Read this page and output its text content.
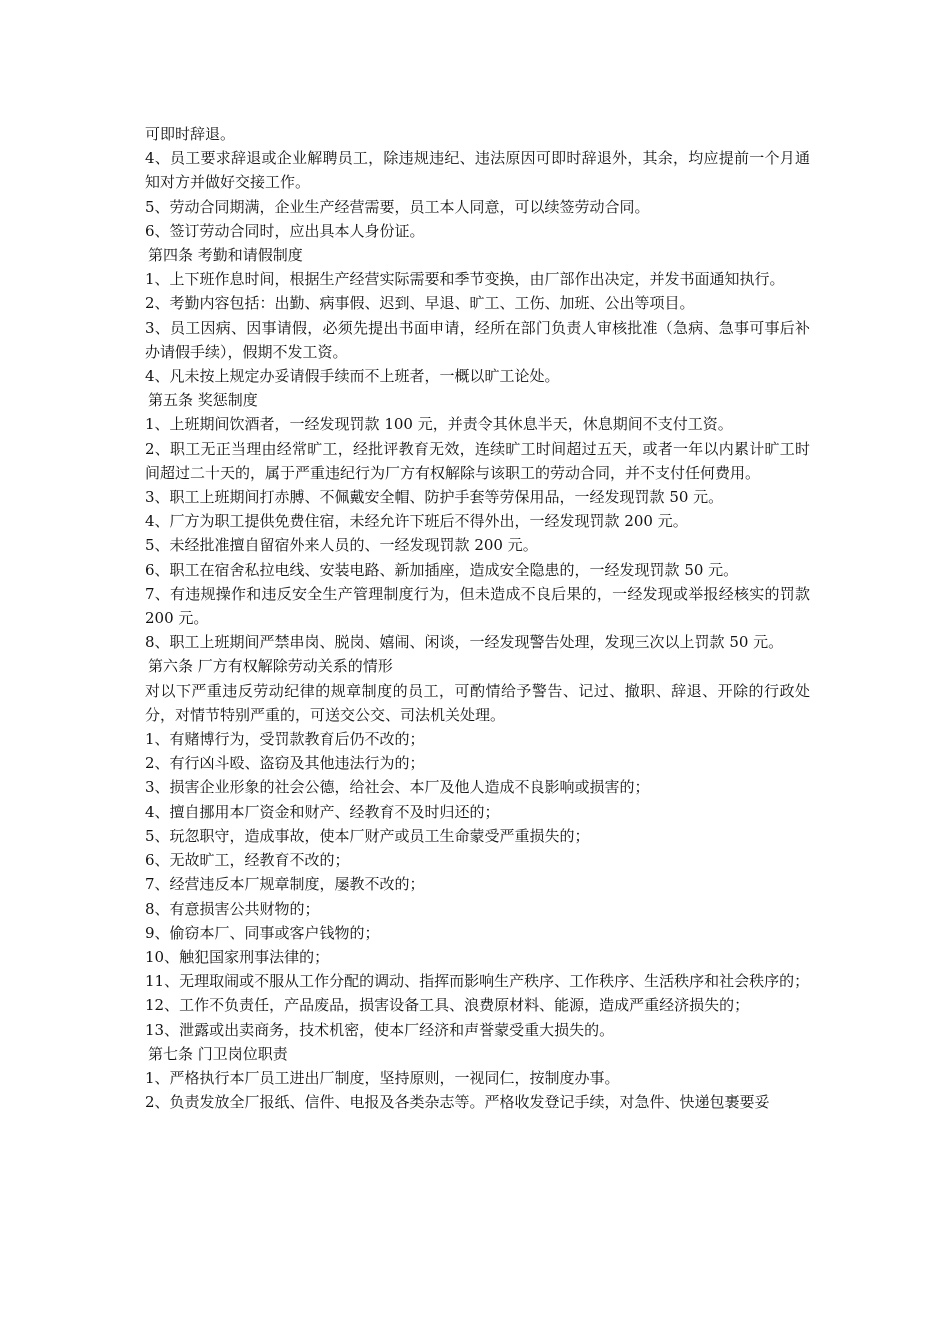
可即时辞退。

4、员工要求辞退或企业解聘员工，除违规违纪、违法原因可即时辞退外，其余，均应提前一个月通知对方并做好交接工作。

5、劳动合同期满，企业生产经营需要，员工本人同意，可以续签劳动合同。

6、签订劳动合同时，应出具本人身份证。

第四条 考勤和请假制度

1、上下班作息时间，根据生产经营实际需要和季节变换，由厂部作出决定，并发书面通知执行。

2、考勤内容包括：出勤、病事假、迟到、早退、旷工、工伤、加班、公出等项目。

3、员工因病、因事请假，必须先提出书面申请，经所在部门负责人审核批准（急病、急事可事后补办请假手续），假期不发工资。

4、凡未按上规定办妥请假手续而不上班者，一概以旷工论处。

第五条 奖惩制度

1、上班期间饮酒者，一经发现罚款 100 元，并责令其休息半天，休息期间不支付工资。

2、职工无正当理由经常旷工，经批评教育无效，连续旷工时间超过五天，或者一年以内累计旷工时间超过二十天的，属于严重违纪行为厂方有权解除与该职工的劳动合同，并不支付任何费用。

3、职工上班期间打赤膊、不佩戴安全帽、防护手套等劳保用品，一经发现罚款 50 元。

4、厂方为职工提供免费住宿，未经允许下班后不得外出，一经发现罚款 200 元。

5、未经批准擅自留宿外来人员的、一经发现罚款 200 元。

6、职工在宿舍私拉电线、安装电路、新加插座，造成安全隐患的，一经发现罚款 50 元。

7、有违规操作和违反安全生产管理制度行为，但未造成不良后果的，一经发现或举报经核实的罚款 200 元。

8、职工上班期间严禁串岗、脱岗、嬉闹、闲谈，一经发现警告处理，发现三次以上罚款 50 元。

第六条 厂方有权解除劳动关系的情形

对以下严重违反劳动纪律的规章制度的员工，可酌情给予警告、记过、撤职、辞退、开除的行政处分，对情节特别严重的，可送交公交、司法机关处理。

1、有赌博行为，受罚款教育后仍不改的；

2、有行凶斗殴、盗窃及其他违法行为的；

3、损害企业形象的社会公德，给社会、本厂及他人造成不良影响或损害的；

4、擅自挪用本厂资金和财产、经教育不及时归还的；

5、玩忽职守，造成事故，使本厂财产或员工生命蒙受严重损失的；

6、无故旷工，经教育不改的；

7、经营违反本厂规章制度，屡教不改的；

8、有意损害公共财物的；

9、偷窃本厂、同事或客户钱物的；

10、触犯国家刑事法律的；

11、无理取闹或不服从工作分配的调动、指挥而影响生产秩序、工作秩序、生活秩序和社会秩序的；

12、工作不负责任，产品废品，损害设备工具、浪费原材料、能源，造成严重经济损失的；

13、泄露或出卖商务，技术机密，使本厂经济和声誉蒙受重大损失的。

第七条 门卫岗位职责

1、严格执行本厂员工进出厂制度，坚持原则，一视同仁，按制度办事。

2、负责发放全厂报纸、信件、电报及各类杂志等。严格收发登记手续，对急件、快递包裹要妥
